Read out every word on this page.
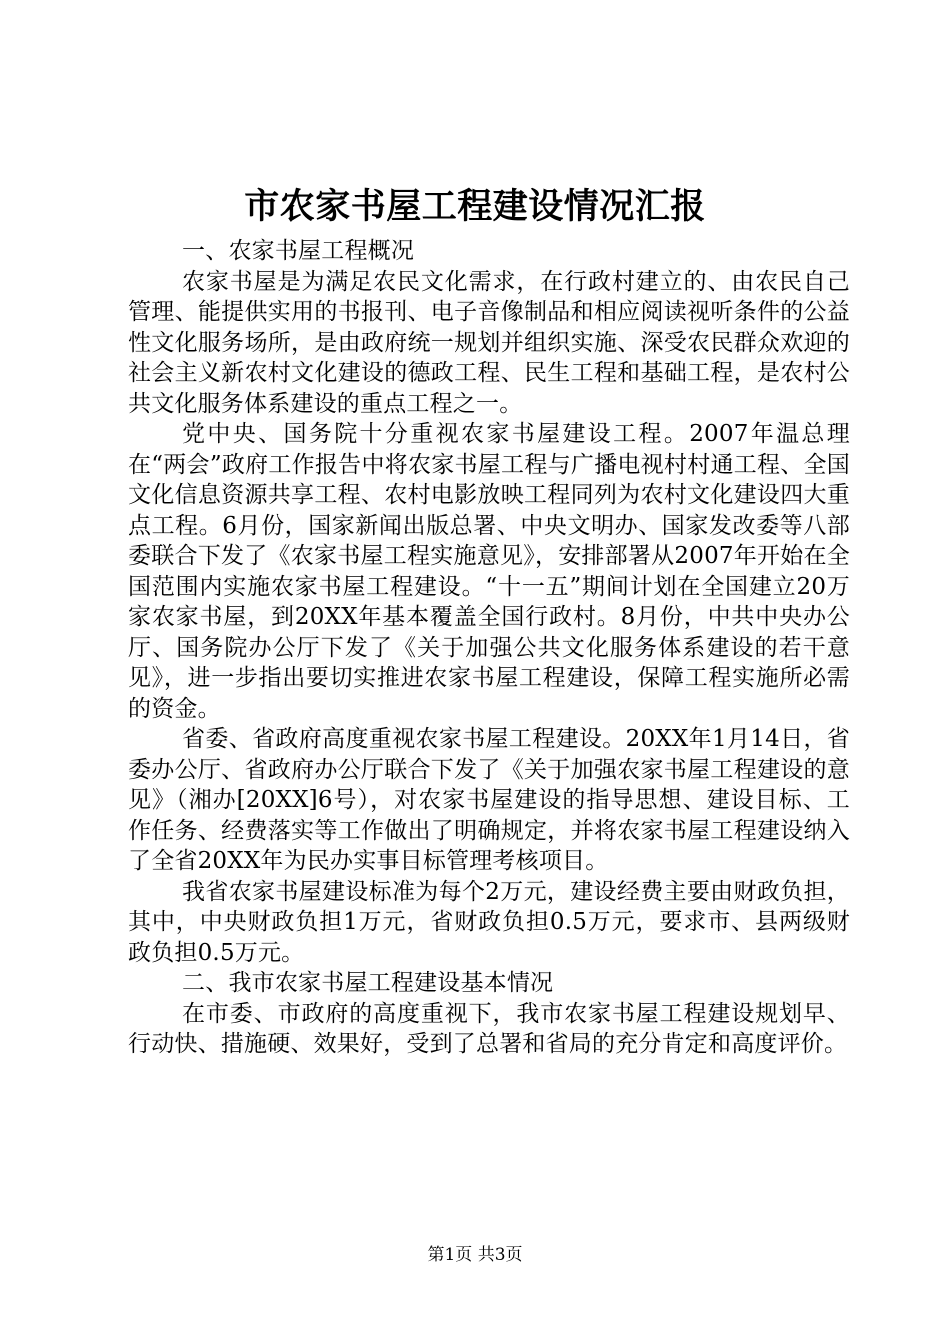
市农家书屋工程建设情况汇报

一、农家书屋工程概况

农家书屋是为满足农民文化需求，在行政村建立的、由农民自己管理、能提供实用的书报刊、电子音像制品和相应阅读视听条件的公益性文化服务场所，是由政府统一规划并组织实施、深受农民群众欢迎的社会主义新农村文化建设的德政工程、民生工程和基础工程，是农村公共文化服务体系建设的重点工程之一。

党中央、国务院十分重视农家书屋建设工程。2007年温总理在“两会”政府工作报告中将农家书屋工程与广播电视村村通工程、全国文化信息资源共享工程、农村电影放映工程同列为农村文化建设四大重点工程。6月份，国家新闻出版总署、中央文明办、国家发改委等八部委联合下发了《农家书屋工程实施意见》，安排部署从2007年开始在全国范围内实施农家书屋工程建设。“十一五”期间计划在全国建立20万家农家书屋，到20XX年基本覆盖全国行政村。8月份，中共中央办公厅、国务院办公厅下发了《关于加强公共文化服务体系建设的若干意见》，进一步指出要切实推进农家书屋工程建设，保障工程实施所必需的资金。

省委、省政府高度重视农家书屋工程建设。20XX年1月14日，省委办公厅、省政府办公厅联合下发了《关于加强农家书屋工程建设的意见》（湘办[20XX]6号），对农家书屋建设的指导思想、建设目标、工作任务、经费落实等工作做出了明确规定，并将农家书屋工程建设纳入了全省20XX年为民办实事目标管理考核项目。

我省农家书屋建设标准为每个2万元，建设经费主要由财政负担，其中，中央财政负担1万元，省财政负担0.5万元，要求市、县两级财政负担0.5万元。

二、我市农家书屋工程建设基本情况

在市委、市政府的高度重视下，我市农家书屋工程建设规划早、行动快、措施硬、效果好，受到了总署和省局的充分肯定和高度评价。

第1页 共3页
